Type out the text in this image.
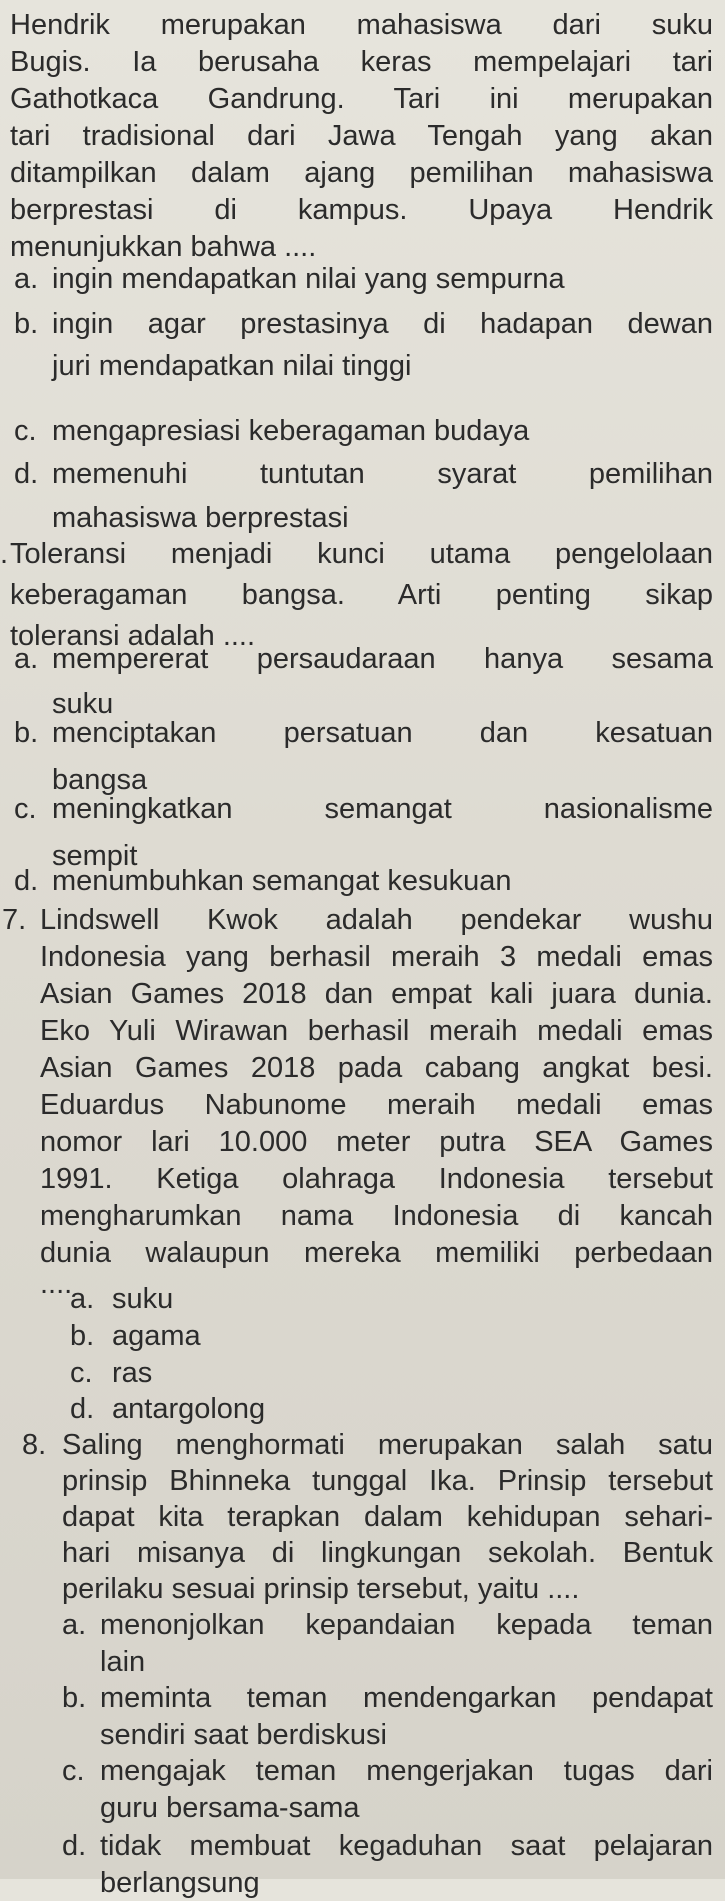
Hendrik merupakan mahasiswa dari suku
Bugis. Ia berusaha keras mempelajari tari
Gathotkaca Gandrung. Tari ini merupakan
tari tradisional dari Jawa Tengah yang akan
ditampilkan dalam ajang pemilihan mahasiswa
berprestasi di kampus. Upaya Hendrik
menunjukkan bahwa ....
a. ingin mendapatkan nilai yang sempurna
b. ingin agar prestasinya di hadapan dewan
juri mendapatkan nilai tinggi
c. mengapresiasi keberagaman budaya
d. memenuhi tuntutan syarat pemilihan
mahasiswa berprestasi
. Toleransi menjadi kunci utama pengelolaan
keberagaman bangsa. Arti penting sikap
toleransi adalah ....
a. mempererat persaudaraan hanya sesama
suku
b. menciptakan persatuan dan kesatuan
bangsa
c. meningkatkan semangat nasionalisme
sempit
d. menumbuhkan semangat kesukuan
7. Lindswell Kwok adalah pendekar wushu
Indonesia yang berhasil meraih 3 medali emas
Asian Games 2018 dan empat kali juara dunia.
Eko Yuli Wirawan berhasil meraih medali emas
Asian Games 2018 pada cabang angkat besi.
Eduardus Nabunome meraih medali emas
nomor lari 10.000 meter putra SEA Games
1991. Ketiga olahraga Indonesia tersebut
mengharumkan nama Indonesia di kancah
dunia walaupun mereka memiliki perbedaan
....
a. suku
b. agama
c. ras
d. antargolong
8. Saling menghormati merupakan salah satu
prinsip Bhinneka tunggal Ika. Prinsip tersebut
dapat kita terapkan dalam kehidupan sehari-
hari misanya di lingkungan sekolah. Bentuk
perilaku sesuai prinsip tersebut, yaitu ....
a. menonjolkan kepandaian kepada teman
lain
b. meminta teman mendengarkan pendapat
sendiri saat berdiskusi
c. mengajak teman mengerjakan tugas dari
guru bersama-sama
d. tidak membuat kegaduhan saat pelajaran
berlangsung
